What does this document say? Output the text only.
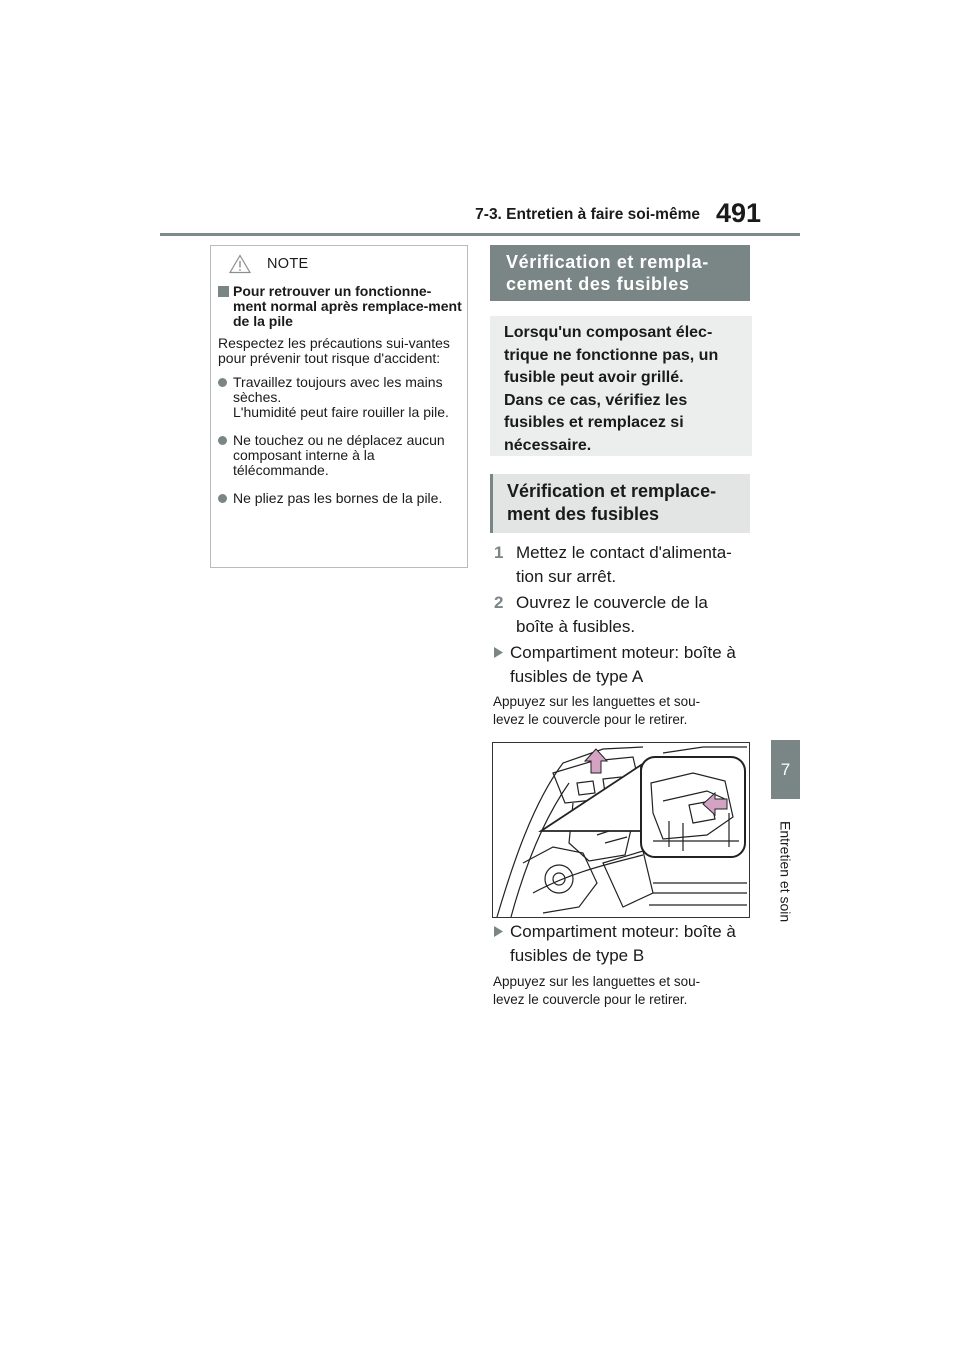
7-3. Entretien à faire soi-même 491
7
Entretien et soin
NOTE
Pour retrouver un fonctionne-ment normal après remplace-ment de la pile
Respectez les précautions sui-vantes pour prévenir tout risque d'accident:
Travaillez toujours avec les mains sèches.
L'humidité peut faire rouiller la pile.
Ne touchez ou ne déplacez aucun composant interne à la télécommande.
Ne pliez pas les bornes de la pile.
Vérification et rempla-
cement des fusibles
Lorsqu'un composant élec-
trique ne fonctionne pas, un
fusible peut avoir grillé.
Dans ce cas, vérifiez les
fusibles et remplacez si
nécessaire.
Vérification et remplace-
ment des fusibles
1 Mettez le contact d'alimenta-
tion sur arrêt.
2 Ouvrez le couvercle de la
boîte à fusibles.
Compartiment moteur: boîte à
fusibles de type A
Appuyez sur les languettes et sou-
levez le couvercle pour le retirer.
Compartiment moteur: boîte à
fusibles de type B
Appuyez sur les languettes et sou-
levez le couvercle pour le retirer.
